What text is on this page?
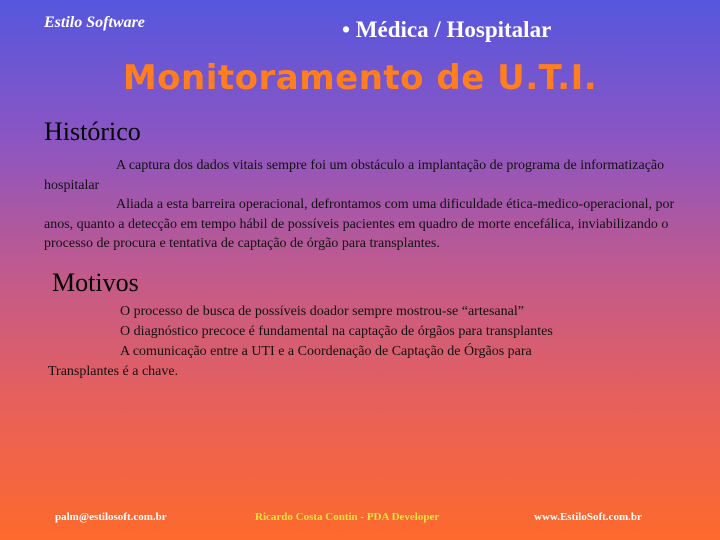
Estilo Software	• Médica / Hospitalar
Monitoramento de U.T.I.
Histórico

A captura dos dados vitais sempre foi um obstáculo a implantação de programa de informatização hospitalar

Aliada a esta barreira operacional, defrontamos com uma dificuldade ética-medico-operacional, por anos, quanto a detecção em tempo hábil de possíveis pacientes em quadro de morte encefálica, inviabilizando o processo de procura e tentativa de captação de órgão para transplantes.

Motivos

O processo de busca de possíveis doador sempre mostrou-se “artesanal”

O diagnóstico precoce é fundamental na captação de órgãos para transplantes

A comunicação entre a UTI e a Coordenação de Captação de Órgãos para Transplantes é a chave.

palm@estilosoft.com.br	Ricardo Costa Contin - PDA Developer	www.EstiloSoft.com.br
